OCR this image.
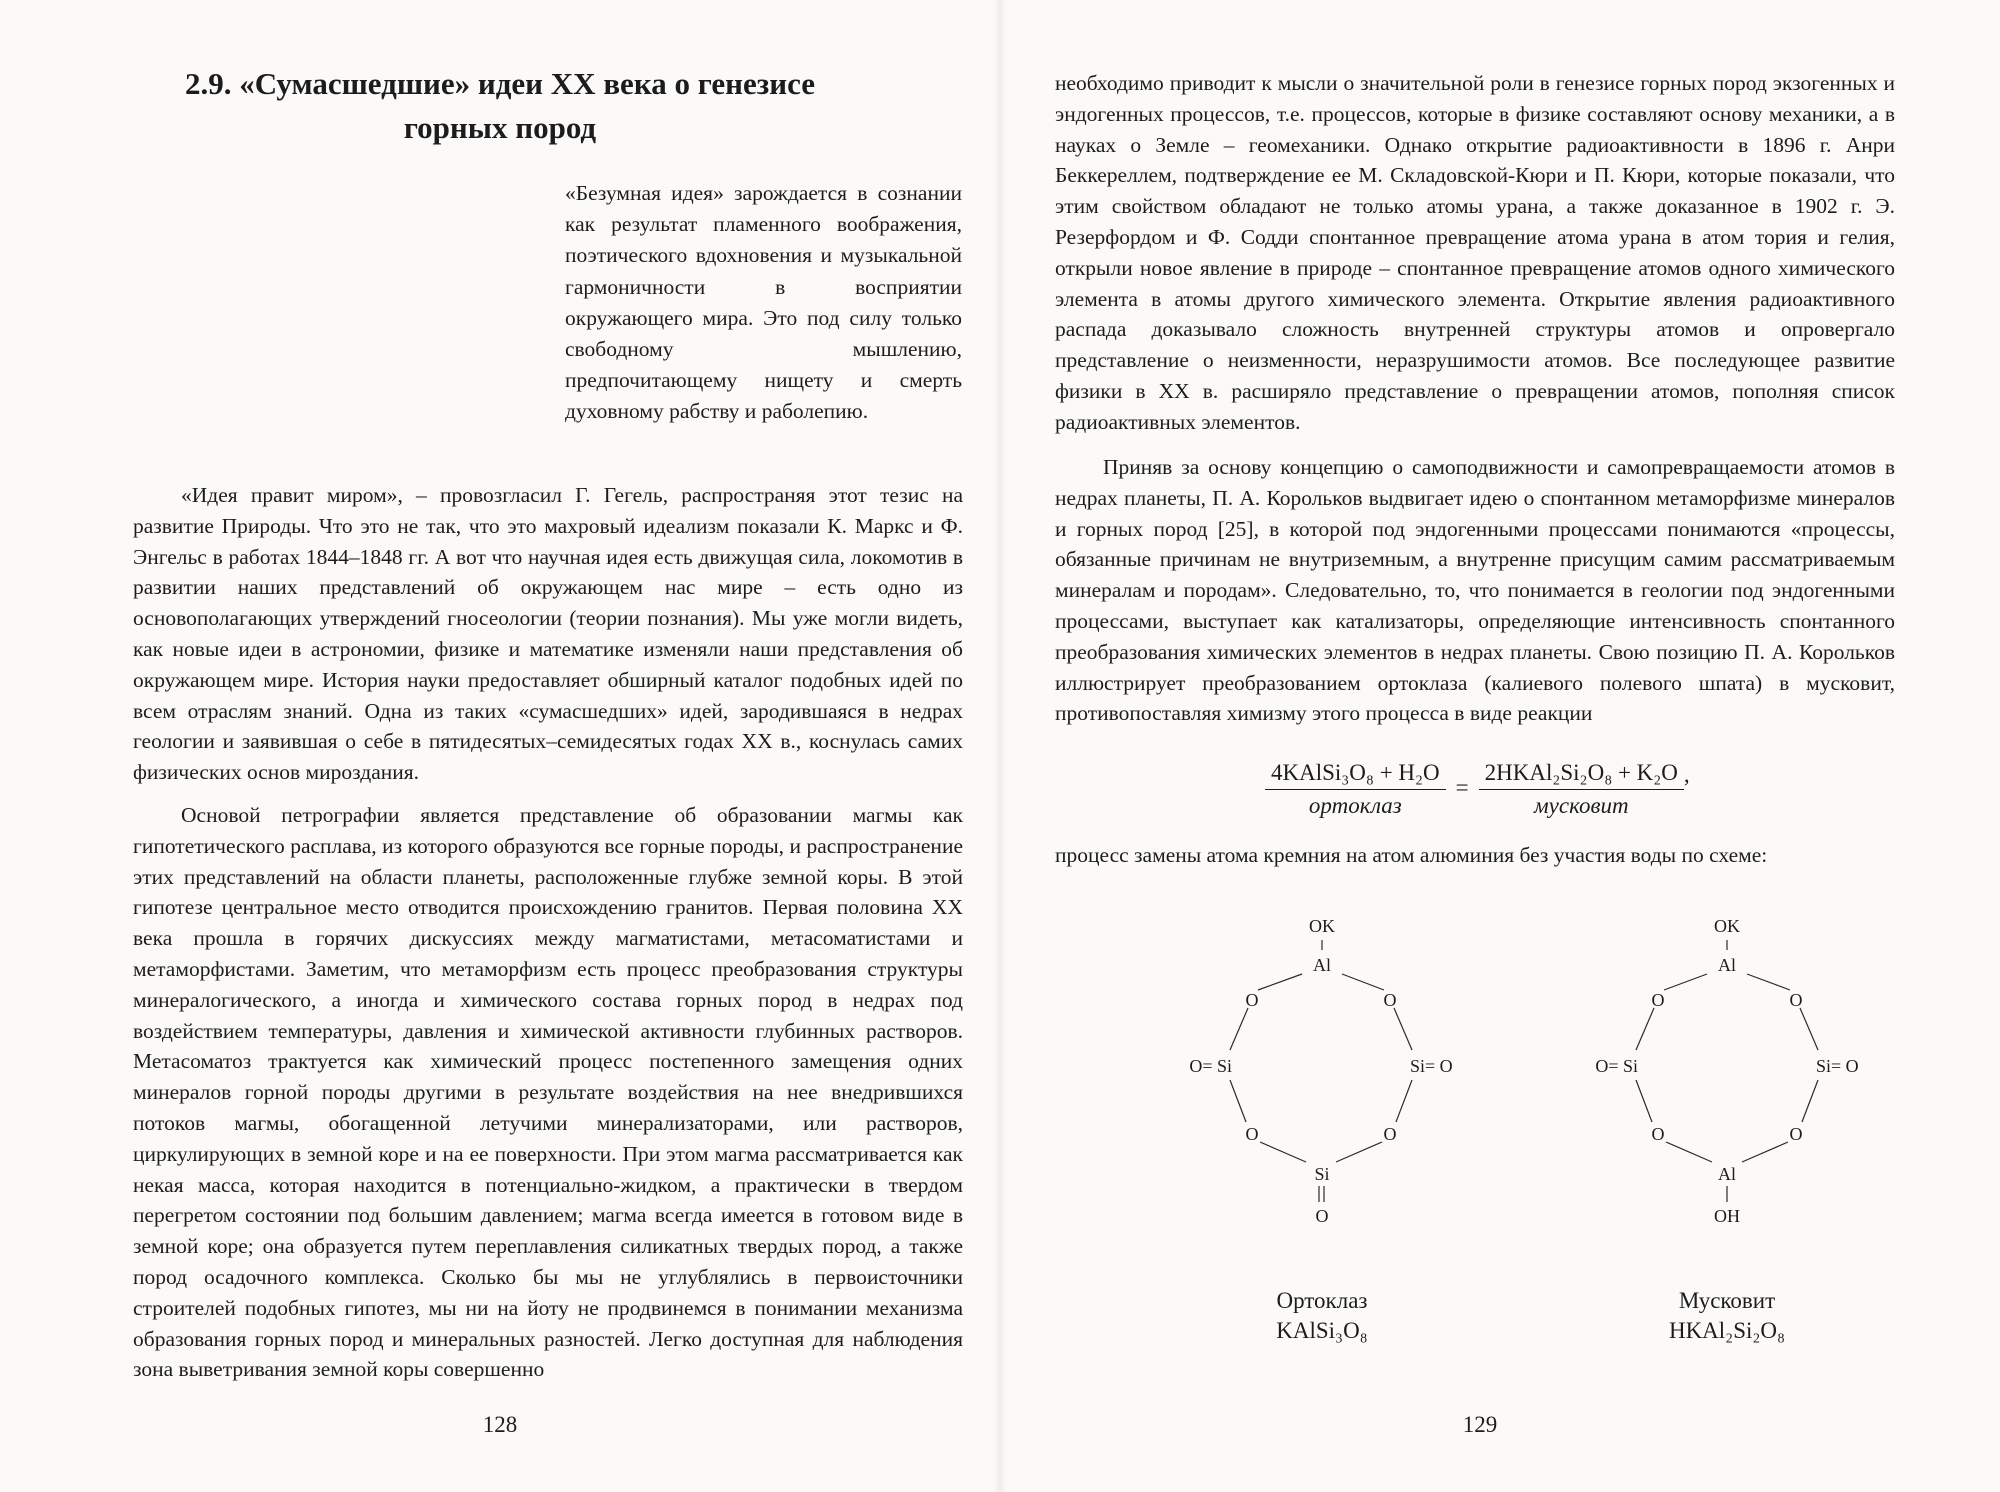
2.9. «Сумасшедшие» идеи XX века о генезисе горных пород

«Безумная идея» зарождается в сознании как результат пламенного воображения, поэтического вдохновения и музыкальной гармоничности в восприятии окружающего мира. Это под силу только свободному мышлению, предпочитающему нищету и смерть духовному рабству и раболепию.

«Идея правит миром», – провозгласил Г. Гегель, распространяя этот тезис на развитие Природы. Что это не так, что это махровый идеализм показали К. Маркс и Ф. Энгельс в работах 1844–1848 гг. А вот что научная идея есть движущая сила, локомотив в развитии наших представлений об окружающем нас мире – есть одно из основополагающих утверждений гносеологии (теории познания). Мы уже могли видеть, как новые идеи в астрономии, физике и математике изменяли наши представления об окружающем мире. История науки предоставляет обширный каталог подобных идей по всем отраслям знаний. Одна из таких «сумасшедших» идей, зародившаяся в недрах геологии и заявившая о себе в пятидесятых–семидесятых годах XX в., коснулась самих физических основ мироздания.

Основой петрографии является представление об образовании магмы как гипотетического расплава, из которого образуются все горные породы, и распространение этих представлений на области планеты, расположенные глубже земной коры. В этой гипотезе центральное место отводится происхождению гранитов. Первая половина XX века прошла в горячих дискуссиях между магматистами, метасоматистами и метаморфистами. Заметим, что метаморфизм есть процесс преобразования структуры минералогического, а иногда и химического состава горных пород в недрах под воздействием температуры, давления и химической активности глубинных растворов. Метасоматоз трактуется как химический процесс постепенного замещения одних минералов горной породы другими в результате воздействия на нее внедрившихся потоков магмы, обогащенной летучими минерализаторами, или растворов, циркулирующих в земной коре и на ее поверхности. При этом магма рассматривается как некая масса, которая находится в потенциально-жидком, а практически в твердом перегретом состоянии под большим давлением; магма всегда имеется в готовом виде в земной коре; она образуется путем переплавления силикатных твердых пород, а также пород осадочного комплекса. Сколько бы мы не углублялись в первоисточники строителей подобных гипотез, мы ни на йоту не продвинемся в понимании механизма образования горных пород и минеральных разностей. Легко доступная для наблюдения зона выветривания земной коры совершенно

128

необходимо приводит к мысли о значительной роли в генезисе горных пород экзогенных и эндогенных процессов, т.е. процессов, которые в физике составляют основу механики, а в науках о Земле – геомеханики. Однако открытие радиоактивности в 1896 г. Анри Беккереллем, подтверждение ее М. Складовской-Кюри и П. Кюри, которые показали, что этим свойством обладают не только атомы урана, а также доказанное в 1902 г. Э. Резерфордом и Ф. Содди спонтанное превращение атома урана в атом тория и гелия, открыли новое явление в природе – спонтанное превращение атомов одного химического элемента в атомы другого химического элемента. Открытие явления радиоактивного распада доказывало сложность внутренней структуры атомов и опровергало представление о неизменности, неразрушимости атомов. Все последующее развитие физики в XX в. расширяло представление о превращении атомов, пополняя список радиоактивных элементов.

Приняв за основу концепцию о самоподвижности и самопревращаемости атомов в недрах планеты, П. А. Корольков выдвигает идею о спонтанном метаморфизме минералов и горных пород [25], в которой под эндогенными процессами понимаются «процессы, обязанные причинам не внутриземным, а внутренне присущим самим рассматриваемым минералам и породам». Следовательно, то, что понимается в геологии под эндогенными процессами, выступает как катализаторы, определяющие интенсивность спонтанного преобразования химических элементов в недрах планеты. Свою позицию П. А. Корольков иллюстрирует преобразованием ортоклаза (калиевого полевого шпата) в мусковит, противопоставляя химизму этого процесса в виде реакции

$\frac{\text{4KAlSi₃O₈ + H₂O}}{\text{ортоклаз}} = \frac{\text{2HKAl₂Si₂O₈ + K₂O}}{\text{мусковит}}$ ,

процесс замены атома кремния на атом алюминия без участия воды по схеме:

OK
Al
O	O
O= Si	Si= O
O	O
Si
O
Ортоклаз
KAlSi₃O₈
OK
Al
O	O
O= Si	Si= O
O	O
Al
OH
Мусковит
HKAl₂Si₂O₈
129
